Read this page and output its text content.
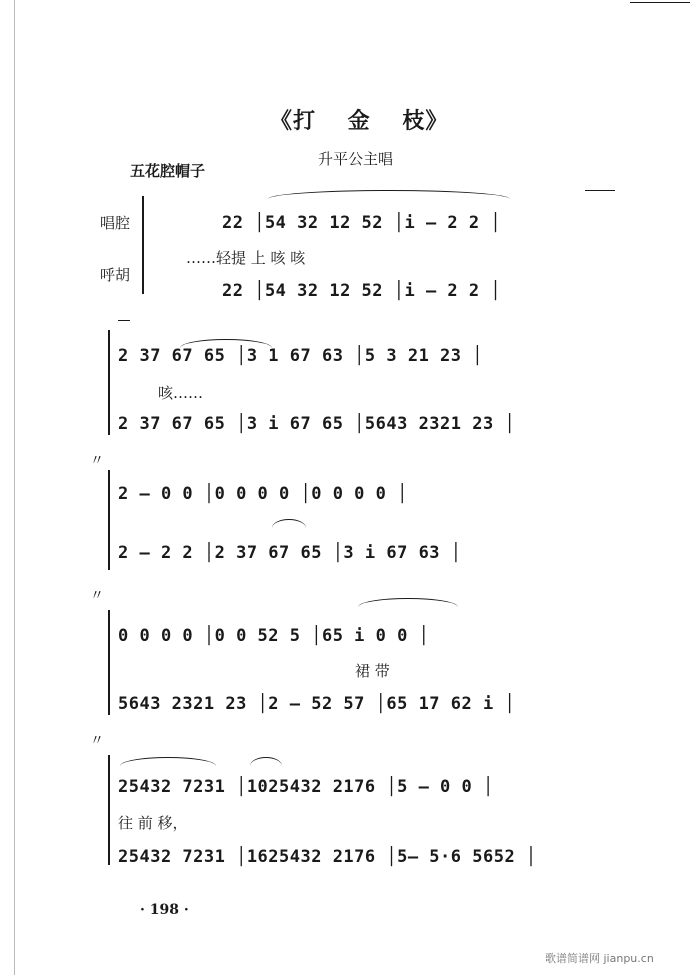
《打　 金　 枝》
升平公主唱
五花腔帽子
唱腔
呼胡
22 │54 32 12 52 │i — 2 2 │
……轻提 上 咳 咳
22 │54 32 12 52 │i — 2 2 │
2 37 67 65 │3 1 67 63 │5 3 21 23 │
咳……
2 37 67 65 │3 i 67 65 │5643 2321 23 │
〃
2 — 0 0 │0 0 0 0 │0 0 0 0 │
2 — 2 2 │2 37 67 65 │3 i 67 63 │
〃
0 0 0 0 │0 0 52 5 │65 i 0 0 │
裙 带
5643 2321 23 │2 — 52 57 │65 17 62 i │
〃
25432 7231 │1025432 2176 │5 — 0 0 │
往 前 移，
25432 7231 │1625432 2176 │5— 5·6 5652 │
· 198 ·
歌谱简谱网 jianpu.cn
